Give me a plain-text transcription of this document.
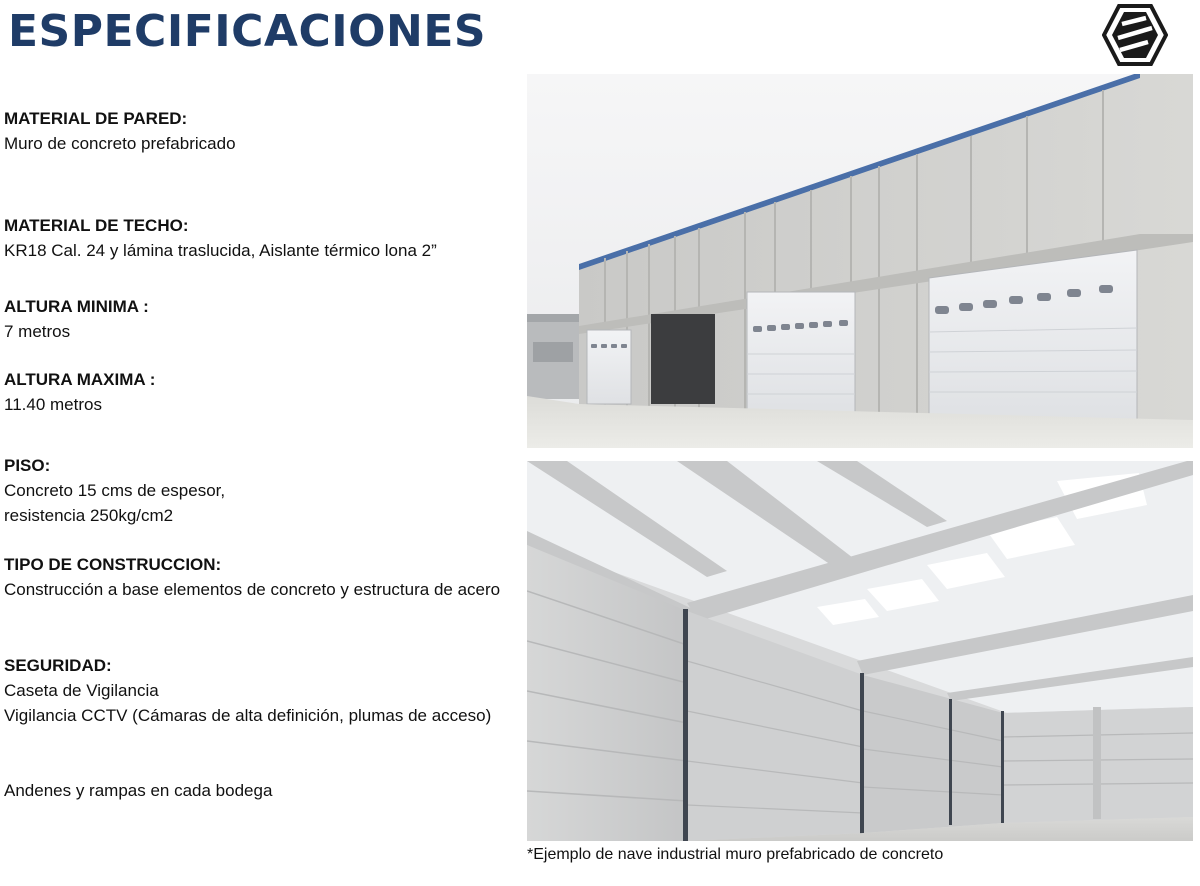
ESPECIFICACIONES
MATERIAL DE PARED:
Muro de concreto prefabricado
MATERIAL DE TECHO:
KR18 Cal. 24 y lámina traslucida, Aislante térmico lona 2”
ALTURA MINIMA :
7 metros
ALTURA MAXIMA :
11.40 metros
PISO:
Concreto 15 cms de espesor,
resistencia 250kg/cm2
TIPO DE CONSTRUCCION:
Construcción a base elementos de concreto y estructura de acero
SEGURIDAD:
Caseta de Vigilancia
Vigilancia CCTV (Cámaras de alta definición, plumas de acceso)
Andenes y rampas en cada bodega
*Ejemplo de nave industrial muro prefabricado de concreto
